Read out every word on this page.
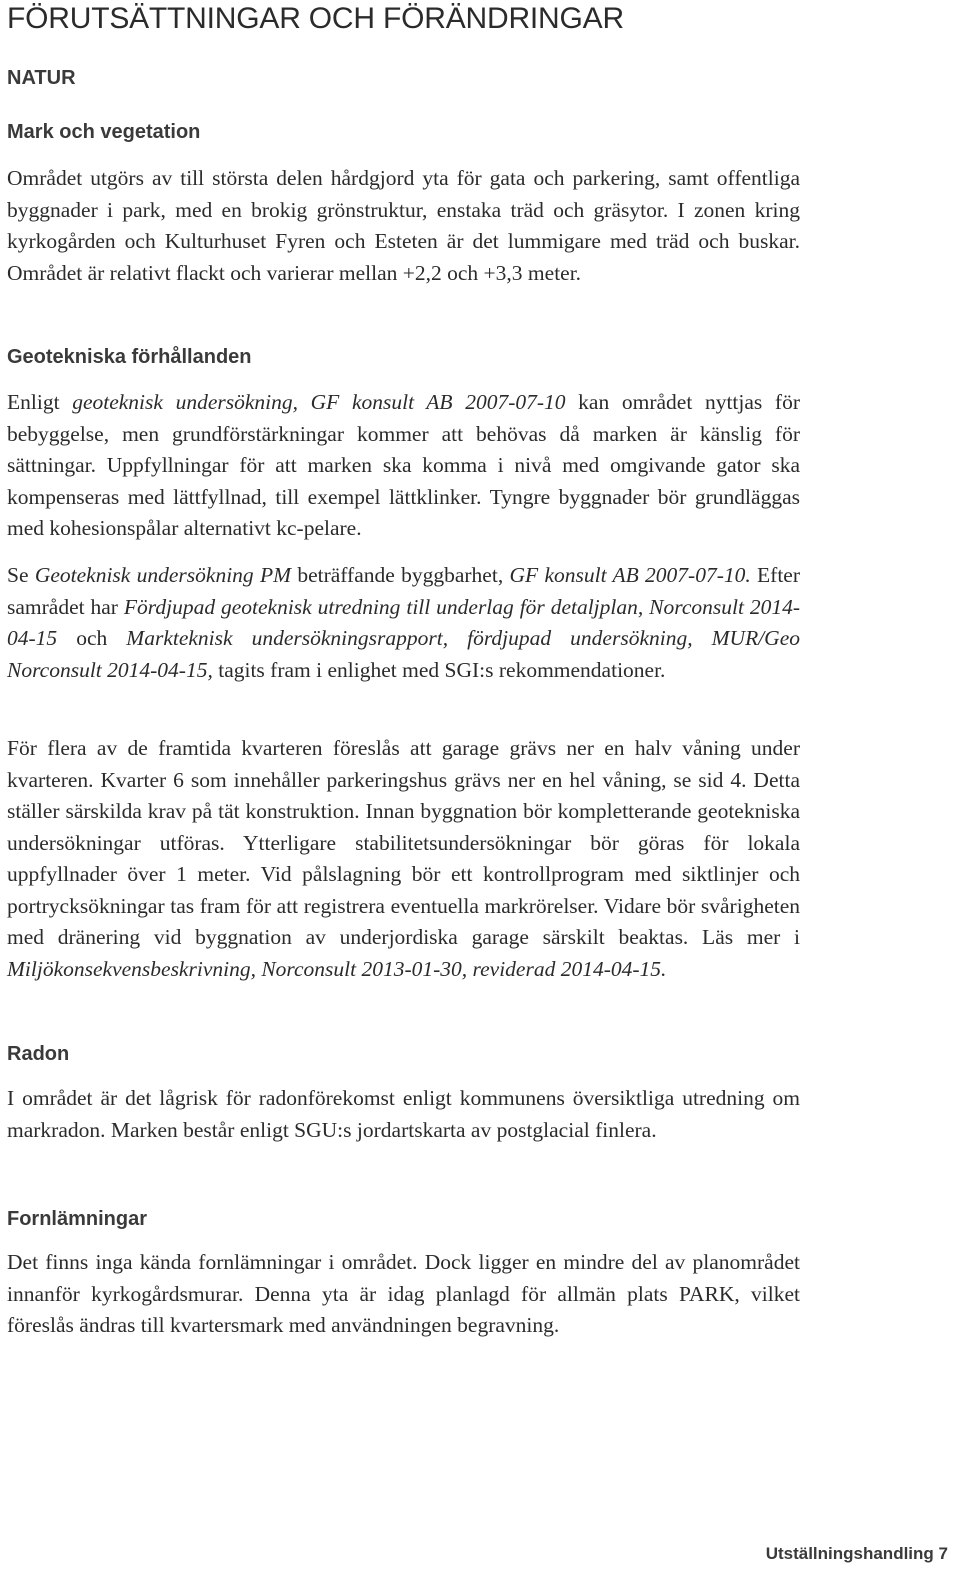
FÖRUTSÄTTNINGAR OCH FÖRÄNDRINGAR
NATUR
Mark och vegetation

Området utgörs av till största delen hårdgjord yta för gata och parkering, samt offentliga byggnader i park, med en brokig grönstruktur, enstaka träd och gräsytor. I zonen kring kyrkogården och Kulturhuset Fyren och Esteten är det lummigare med träd och buskar. Området är relativt flackt och varierar mellan +2,2 och +3,3 meter.

Geotekniska förhållanden

Enligt geoteknisk undersökning, GF konsult AB 2007-07-10 kan området nyttjas för bebyggelse, men grundförstärkningar kommer att behövas då marken är känslig för sättningar. Uppfyllningar för att marken ska komma i nivå med omgivande gator ska kompenseras med lättfyllnad, till exempel lättklinker. Tyngre byggnader bör grundläggas med kohesionspålar alternativt kc-pelare.

Se Geoteknisk undersökning PM beträffande byggbarhet, GF konsult AB 2007-07-10. Efter samrådet har Fördjupad geoteknisk utredning till underlag för detaljplan, Norconsult 2014-04-15 och Markteknisk undersökningsrapport, fördjupad undersökning, MUR/Geo Norconsult 2014-04-15, tagits fram i enlighet med SGI:s rekommendationer.

För flera av de framtida kvarteren föreslås att garage grävs ner en halv våning under kvarteren. Kvarter 6 som innehåller parkeringshus grävs ner en hel våning, se sid 4. Detta ställer särskilda krav på tät konstruktion. Innan byggnation bör kompletterande geotekniska undersökningar utföras. Ytterligare stabilitetsundersökningar bör göras för lokala uppfyllnader över 1 meter. Vid pålslagning bör ett kontrollprogram med siktlinjer och portrycksökningar tas fram för att registrera eventuella markrörelser. Vidare bör svårigheten med dränering vid byggnation av underjordiska garage särskilt beaktas. Läs mer i Miljökonsekvensbeskrivning, Norconsult 2013-01-30, reviderad 2014-04-15.

Radon

I området är det lågrisk för radonförekomst enligt kommunens översiktliga utredning om markradon. Marken består enligt SGU:s jordartskarta av postglacial finlera.

Fornlämningar

Det finns inga kända fornlämningar i området. Dock ligger en mindre del av planområdet innanför kyrkogårdsmurar. Denna yta är idag planlagd för allmän plats PARK, vilket föreslås ändras till kvartersmark med användningen begravning.

Utställningshandling 7
